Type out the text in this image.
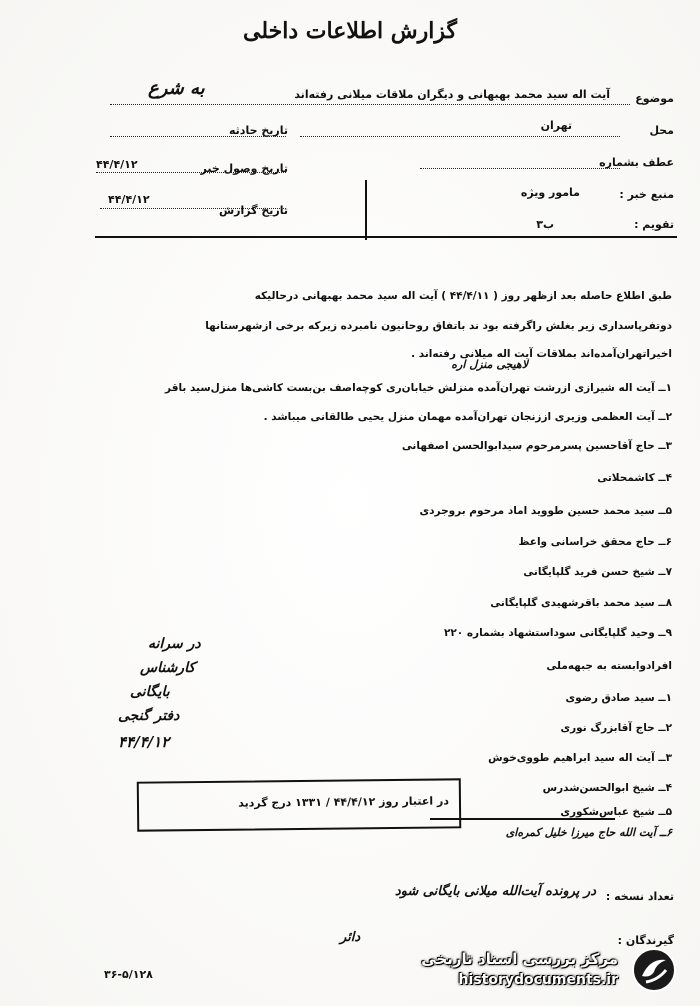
گزارش اطلاعات داخلی
موضوع
آیت اله سید محمد بهبهانی و دیگران ملاقات میلانی رفته‌اند
به شرع
محل
تهران
تاریخ حادثه
عطف بشماره
تاریخ وصول خبر
۴۴/۴/۱۲
منبع خبر :
مامور ویژه
تاریخ گزارش
۴۴/۴/۱۲
تقویم :
ب۳
طبق اطلاع حاصله بعد ازظهر روز ( ۴۴/۴/۱۱ ) آیت اله سید محمد بهبهانی درحالیکه
دوتفرپاسداری زیر بغلش راگرفته بود ند باتفاق روحانیون نامبرده زیرکه برخی ازشهرستانها
اخیراتهران‌آمده‌اند بملاقات آیت اله میلانی رفته‌اند .
لاهیجی منزل اره
۱ــ آیت اله شیرازی ازرشت تهران‌آمده منزلش خیابان‌ری کوچه‌اصف بن‌بست کاشی‌ها منزل‌سید باقر
۲ــ آیت العظمی وزیری اززنجان تهران‌آمده مهمان منزل یحیی طالقانی میباشد .
۳ــ حاج آقاحسین پسرمرحوم سیدابوالحسن اصفهانی
۴ــ کاشمحلاتی
۵ــ سید محمد حسین طووید اماد مرحوم بروجردی
۶ــ حاج محقق خراسانی واعظ
۷ــ شیخ حسن فرید گلپایگانی
۸ــ سید محمد باقرشهیدی گلپایگانی
۹ــ وحید گلپایگانی سوداستشهاد بشماره ۲۲۰
افرادوابسته به جبهه‌ملی
۱ــ سید صادق رضوی
۲ــ حاج آقابزرگ نوری
۳ــ آیت اله سید ابراهیم طووی‌خوش
۴ــ شیخ ابوالحسن‌شدرس
۵ــ شیخ عباس‌شکوری
۶ــ آیت‌ الله حاج میرزا خلیل کمره‌ای
در سرانه
کارشناس
بایگانی
دفتر گنجی
۴۴/۴/۱۲
در اعتبار روز ۴۴/۴/۱۲ / ۱۳۳۱ درج گردید
تعداد نسخه :
در پرونده آیت‌الله میلانی بایگانی شود
گیرندگان :
دائر
۳۶-۵/۱۲۸
مرکز بررسی اسناد تاریخی
historydocuments.ir
